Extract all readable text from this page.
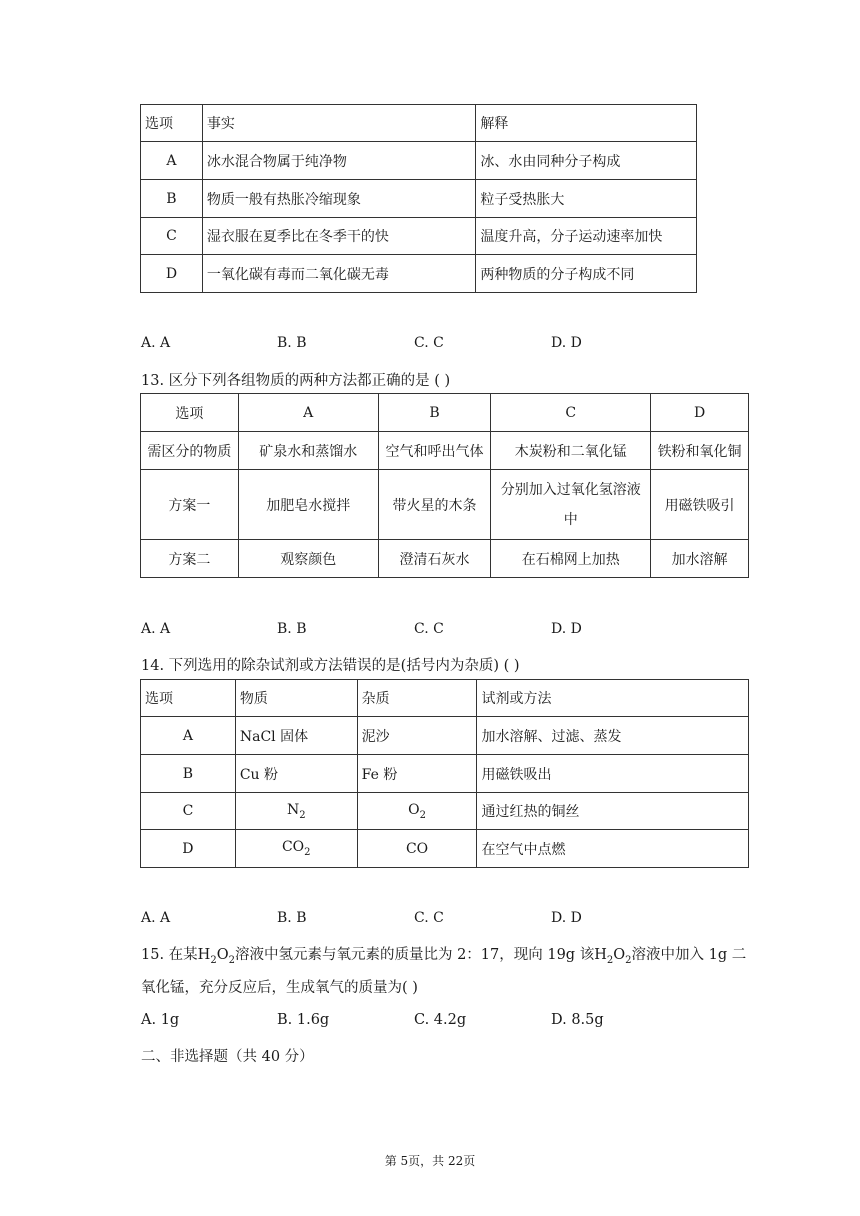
选项	事实	解释
A	冰水混合物属于纯净物	冰、水由同种分子构成
B	物质一般有热胀冷缩现象	粒子受热胀大
C	湿衣服在夏季比在冬季干的快	温度升高，分子运动速率加快
D	一氧化碳有毒而二氧化碳无毒	两种物质的分子构成不同
A. A	B. B	C. C	D. D
13. 区分下列各组物质的两种方法都正确的是 ( )
选项	A	B	C	D
需区分的物质	矿泉水和蒸馏水	空气和呼出气体	木炭粉和二氧化锰	铁粉和氧化铜
方案一	加肥皂水搅拌	带火星的木条	分别加入过氧化氢溶液中	用磁铁吸引
方案二	观察颜色	澄清石灰水	在石棉网上加热	加水溶解
A. A	B. B	C. C	D. D
14. 下列选用的除杂试剂或方法错误的是(括号内为杂质) ( )
选项	物质	杂质	试剂或方法
A	NaCl 固体	泥沙	加水溶解、过滤、蒸发
B	Cu 粉	Fe 粉	用磁铁吸出
C	$N_2$	$O_2$	通过红热的铜丝
D	$CO_2$	CO	在空气中点燃
A. A	B. B	C. C	D. D
15. 在某$H_2O_2$溶液中氢元素与氧元素的质量比为 2：17，现向 19g 该$H_2O_2$溶液中加入 1g 二
氧化锰，充分反应后，生成氧气的质量为( )
A. 1g	B. 1.6g	C. 4.2g	D. 8.5g
二、非选择题（共 40 分）
第 5页，共 22页
